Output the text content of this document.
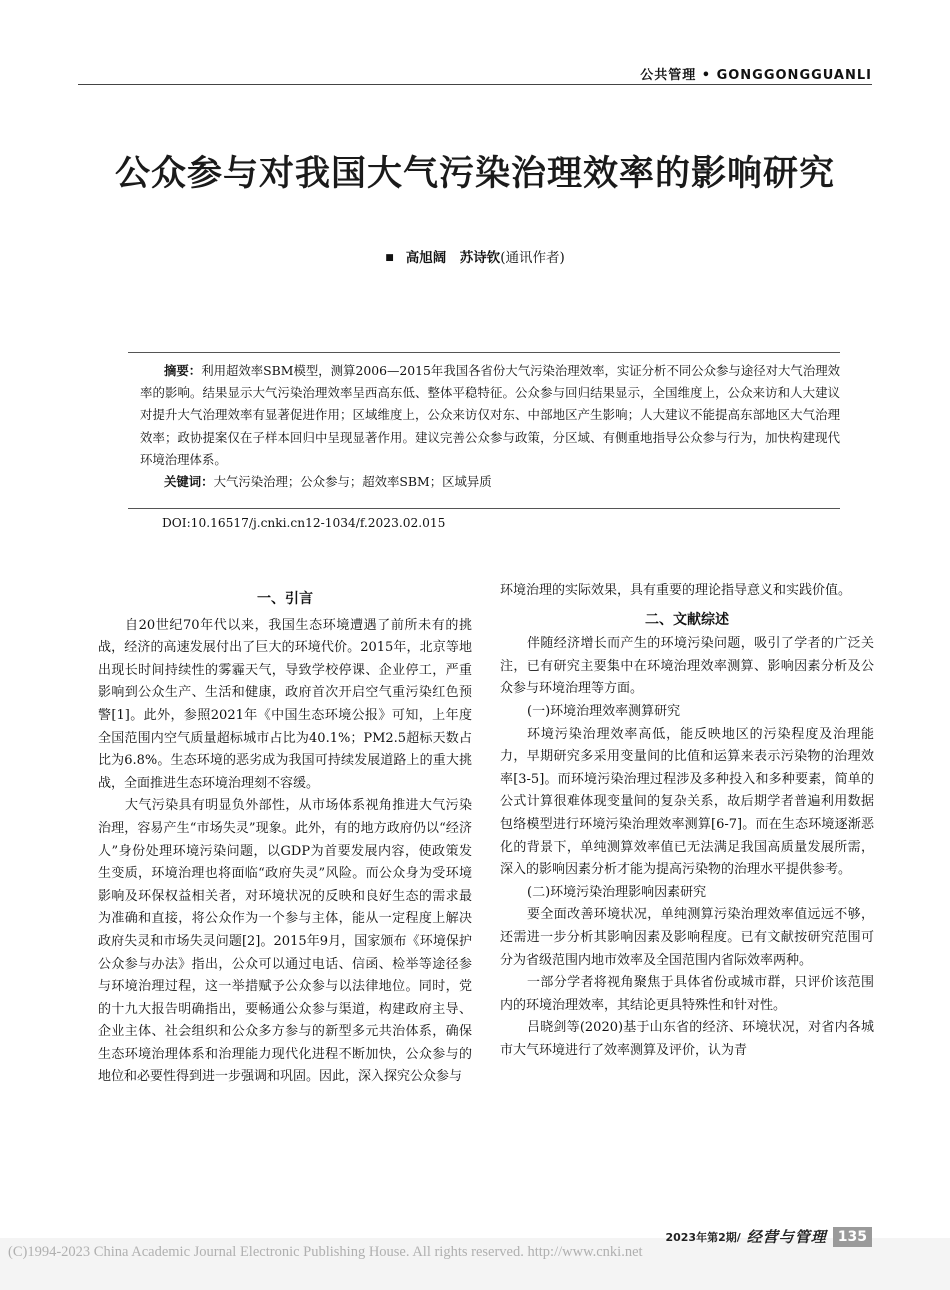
公共管理 • GONGGONGGUANLI
公众参与对我国大气污染治理效率的影响研究
■ 高旭阔　苏诗钦(通讯作者)

摘要：利用超效率SBM模型，测算2006—2015年我国各省份大气污染治理效率，实证分析不同公众参与途径对大气治理效率的影响。结果显示大气污染治理效率呈西高东低、整体平稳特征。公众参与回归结果显示，全国维度上，公众来访和人大建议对提升大气治理效率有显著促进作用；区域维度上，公众来访仅对东、中部地区产生影响；人大建议不能提高东部地区大气治理效率；政协提案仅在子样本回归中呈现显著作用。建议完善公众参与政策，分区域、有侧重地指导公众参与行为，加快构建现代环境治理体系。

关键词：大气污染治理；公众参与；超效率SBM；区域异质

DOI:10.16517/j.cnki.cn12-1034/f.2023.02.015

一、引言

自20世纪70年代以来，我国生态环境遭遇了前所未有的挑战，经济的高速发展付出了巨大的环境代价。2015年，北京等地出现长时间持续性的雾霾天气，导致学校停课、企业停工，严重影响到公众生产、生活和健康，政府首次开启空气重污染红色预警[1]。此外，参照2021年《中国生态环境公报》可知，上年度全国范围内空气质量超标城市占比为40.1%；PM2.5超标天数占比为6.8%。生态环境的恶劣成为我国可持续发展道路上的重大挑战，全面推进生态环境治理刻不容缓。

大气污染具有明显负外部性，从市场体系视角推进大气污染治理，容易产生“市场失灵”现象。此外，有的地方政府仍以“经济人”身份处理环境污染问题，以GDP为首要发展内容，使政策发生变质，环境治理也将面临“政府失灵”风险。而公众身为受环境影响及环保权益相关者，对环境状况的反映和良好生态的需求最为准确和直接，将公众作为一个参与主体，能从一定程度上解决政府失灵和市场失灵问题[2]。2015年9月，国家颁布《环境保护公众参与办法》指出，公众可以通过电话、信函、检举等途径参与环境治理过程，这一举措赋予公众参与以法律地位。同时，党的十九大报告明确指出，要畅通公众参与渠道，构建政府主导、企业主体、社会组织和公众多方参与的新型多元共治体系，确保生态环境治理体系和治理能力现代化进程不断加快，公众参与的地位和必要性得到进一步强调和巩固。因此，深入探究公众参与

环境治理的实际效果，具有重要的理论指导意义和实践价值。

二、文献综述

伴随经济增长而产生的环境污染问题，吸引了学者的广泛关注，已有研究主要集中在环境治理效率测算、影响因素分析及公众参与环境治理等方面。

(一)环境治理效率测算研究

环境污染治理效率高低，能反映地区的污染程度及治理能力，早期研究多采用变量间的比值和运算来表示污染物的治理效率[3-5]。而环境污染治理过程涉及多种投入和多种要素，简单的公式计算很难体现变量间的复杂关系，故后期学者普遍利用数据包络模型进行环境污染治理效率测算[6-7]。而在生态环境逐渐恶化的背景下，单纯测算效率值已无法满足我国高质量发展所需，深入的影响因素分析才能为提高污染物的治理水平提供参考。

(二)环境污染治理影响因素研究

要全面改善环境状况，单纯测算污染治理效率值远远不够，还需进一步分析其影响因素及影响程度。已有文献按研究范围可分为省级范围内地市效率及全国范围内省际效率两种。

一部分学者将视角聚焦于具体省份或城市群，只评价该范围内的环境治理效率，其结论更具特殊性和针对性。

吕晓剑等(2020)基于山东省的经济、环境状况，对省内各城市大气环境进行了效率测算及评价，认为青

(C)1994-2023 China Academic Journal Electronic Publishing House. All rights reserved. http://www.cnki.net
2023年第2期/ 经营与管理 135
